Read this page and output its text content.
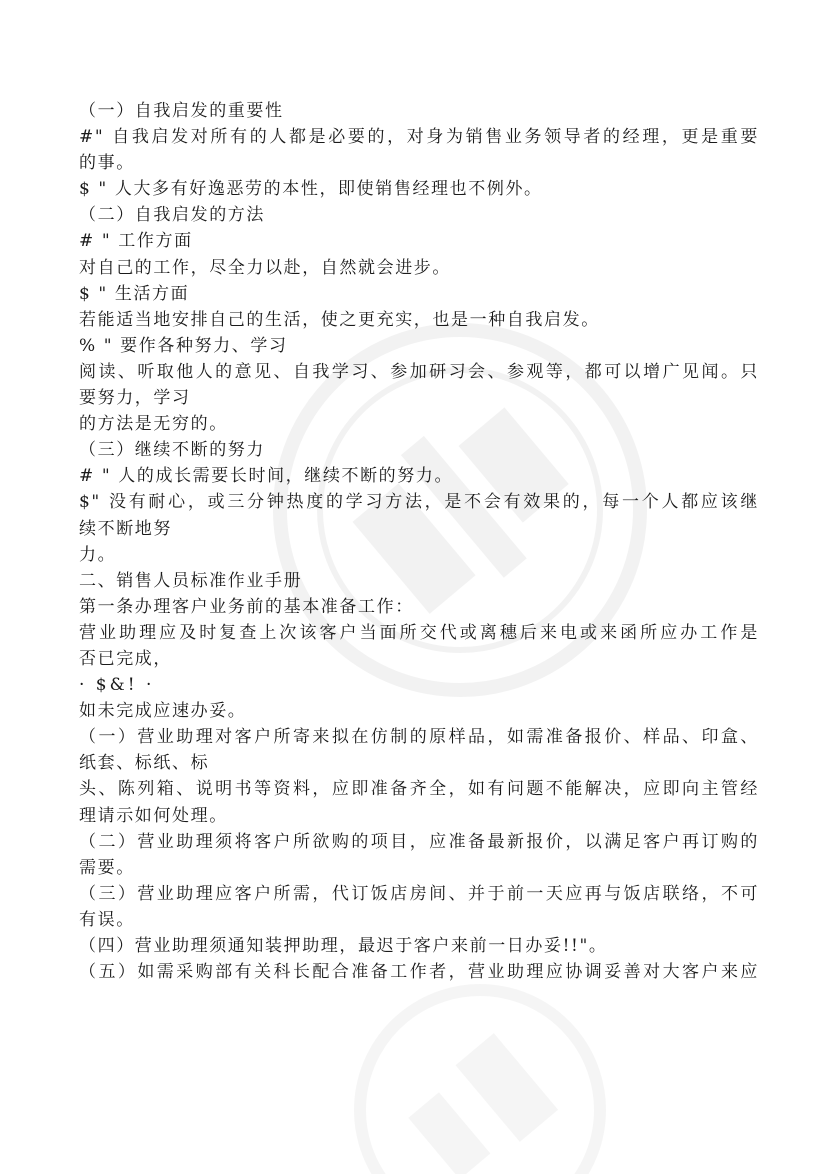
（一）自我启发的重要性
#" 自我启发对所有的人都是必要的，对身为销售业务领导者的经理，更是重要
的事。
$ " 人大多有好逸恶劳的本性，即使销售经理也不例外。
（二）自我启发的方法
# " 工作方面
对自己的工作，尽全力以赴，自然就会进步。
$ " 生活方面
若能适当地安排自己的生活，使之更充实，也是一种自我启发。
% " 要作各种努力、学习
阅读、听取他人的意见、自我学习、参加研习会、参观等，都可以增广见闻。只
要努力，学习
的方法是无穷的。
（三）继续不断的努力
# " 人的成长需要长时间，继续不断的努力。
$" 没有耐心，或三分钟热度的学习方法，是不会有效果的，每一个人都应该继
续不断地努
力。
二、销售人员标准作业手册
第一条办理客户业务前的基本准备工作：
营业助理应及时复查上次该客户当面所交代或离穗后来电或来函所应办工作是
否已完成，
· $&! ·
如未完成应速办妥。
（一）营业助理对客户所寄来拟在仿制的原样品，如需准备报价、样品、印盒、
纸套、标纸、标
头、陈列箱、说明书等资料，应即准备齐全，如有问题不能解决，应即向主管经
理请示如何处理。
（二）营业助理须将客户所欲购的项目，应准备最新报价，以满足客户再订购的
需要。
（三）营业助理应客户所需，代订饭店房间、并于前一天应再与饭店联络，不可
有误。
（四）营业助理须通知装押助理，最迟于客户来前一日办妥!!"。
（五）如需采购部有关科长配合准备工作者，营业助理应协调妥善对大客户来应
